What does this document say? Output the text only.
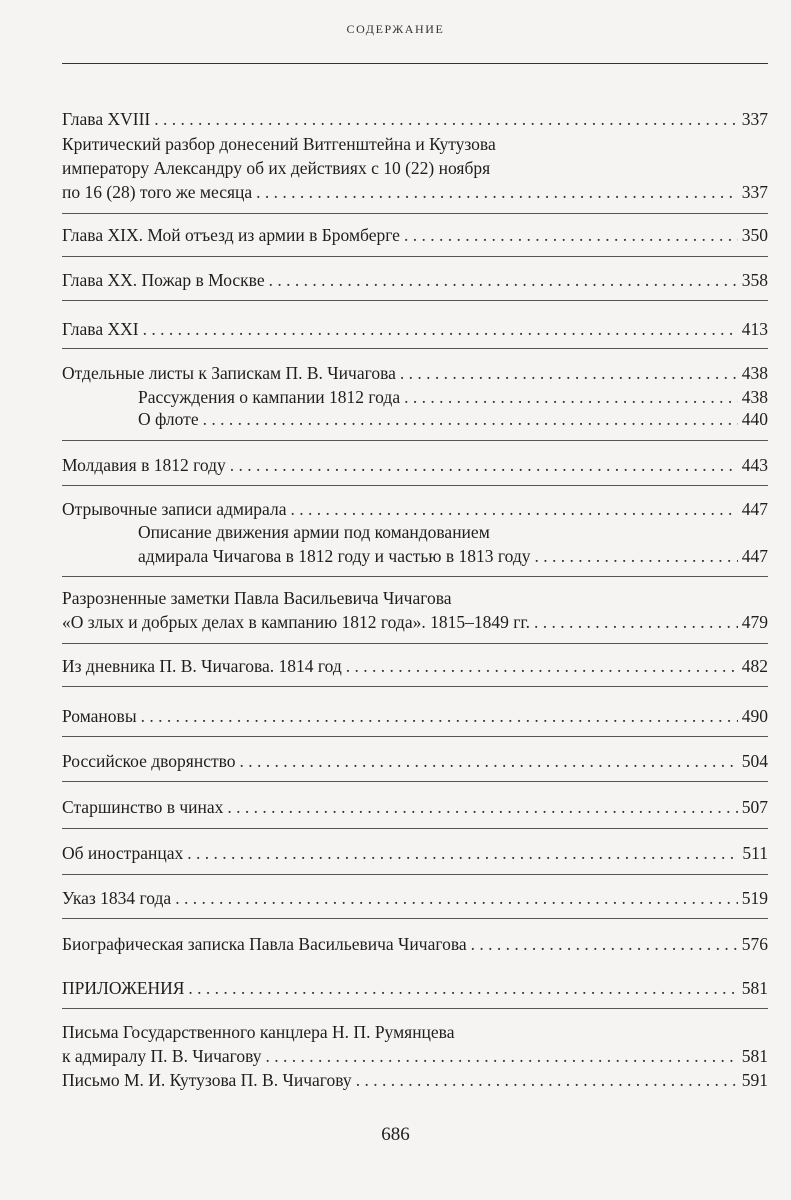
СОДЕРЖАНИЕ
Глава XVIII . . .	337
Критический разбор донесений Витгенштейна и Кутузова
императору Александру об их действиях с 10 (22) ноября
по 16 (28) того же месяца . . .	337
Глава XIX. Мой отъезд из армии в Бромберге . . .	350
Глава XX. Пожар в Москве . . .	358
Глава XXI . . .	413
Отдельные листы к Запискам П. В. Чичагова . . .	438
Рассуждения о кампании 1812 года . . .	438
О флоте . . .	440
Молдавия в 1812 году . . .	443
Отрывочные записи адмирала . . .	447
Описание движения армии под командованием
адмирала Чичагова в 1812 году и частью в 1813 году . . .	447
Разрозненные заметки Павла Васильевича Чичагова
«О злых и добрых делах в кампанию 1812 года». 1815–1849 гг. . . .	479
Из дневника П. В. Чичагова. 1814 год . . .	482
Романовы . . .	490
Российское дворянство . . .	504
Старшинство в чинах . . .	507
Об иностранцах . . .	511
Указ 1834 года . . .	519
Биографическая записка Павла Васильевича Чичагова . . .	576
ПРИЛОЖЕНИЯ . . .	581
Письма Государственного канцлера Н. П. Румянцева
к адмиралу П. В. Чичагову . . .	581
Письмо М. И. Кутузова П. В. Чичагову . . .	591
686
